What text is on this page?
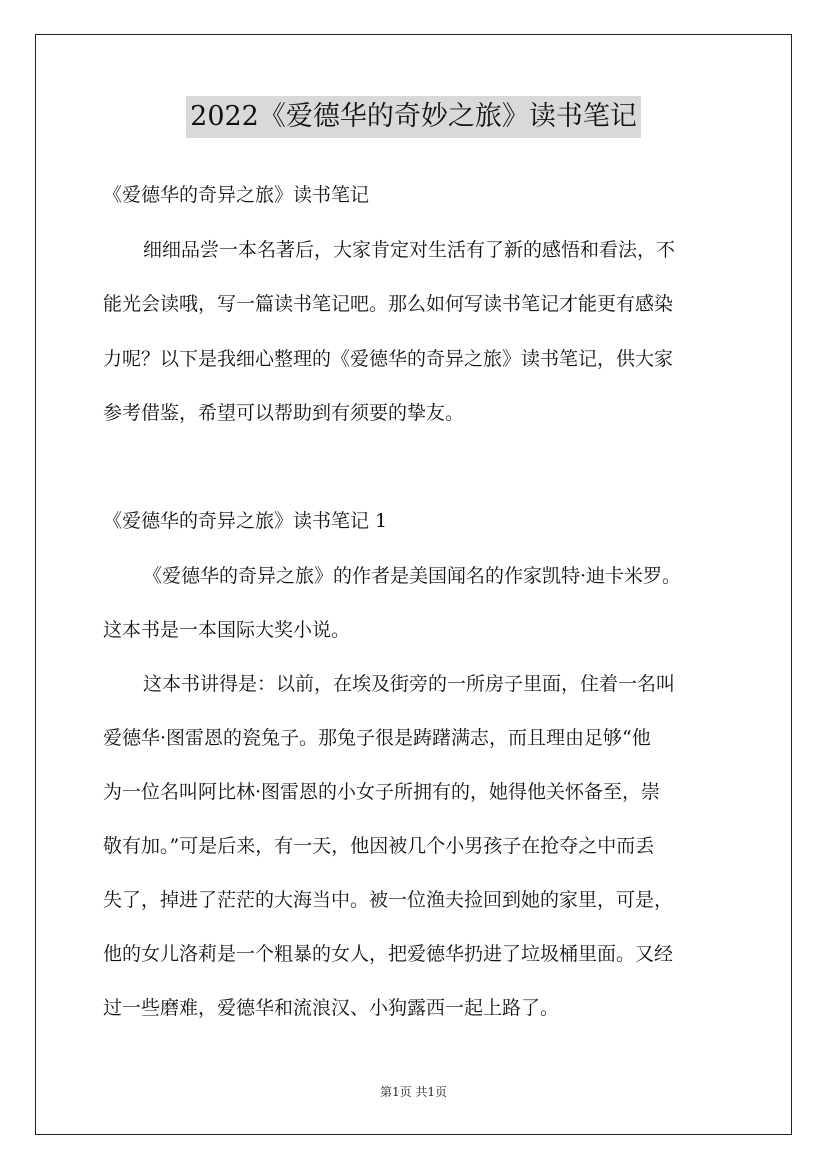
2022《爱德华的奇妙之旅》读书笔记
《爱德华的奇异之旅》读书笔记
细细品尝一本名著后，大家肯定对生活有了新的感悟和看法，不
能光会读哦，写一篇读书笔记吧。那么如何写读书笔记才能更有感染
力呢？以下是我细心整理的《爱德华的奇异之旅》读书笔记，供大家
参考借鉴，希望可以帮助到有须要的挚友。
《爱德华的奇异之旅》读书笔记 1
《爱德华的奇异之旅》的作者是美国闻名的作家凯特·迪卡米罗。
这本书是一本国际大奖小说。
这本书讲得是：以前，在埃及街旁的一所房子里面，住着一名叫
爱德华·图雷恩的瓷兔子。那兔子很是踌躇满志，而且理由足够“他
为一位名叫阿比林·图雷恩的小女子所拥有的，她得他关怀备至，崇
敬有加。”可是后来，有一天，他因被几个小男孩子在抢夺之中而丢
失了，掉进了茫茫的大海当中。被一位渔夫捡回到她的家里，可是，
他的女儿洛莉是一个粗暴的女人，把爱德华扔进了垃圾桶里面。又经
过一些磨难，爱德华和流浪汉、小狗露西一起上路了。
第1页 共1页
